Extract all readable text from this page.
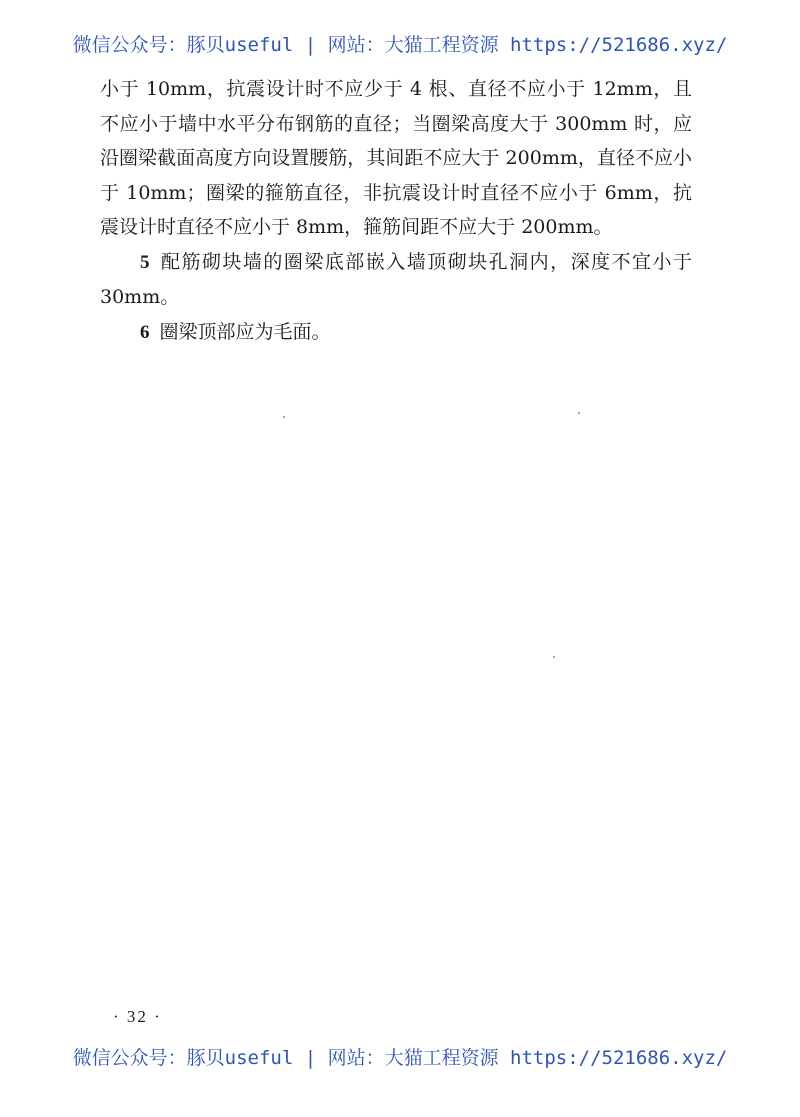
微信公众号：豚贝useful | 网站：大猫工程资源 https://521686.xyz/

小于 10mm，抗震设计时不应少于 4 根、直径不应小于 12mm，且不应小于墙中水平分布钢筋的直径；当圈梁高度大于 300mm 时，应沿圈梁截面高度方向设置腰筋，其间距不应大于 200mm，直径不应小于 10mm；圈梁的箍筋直径，非抗震设计时直径不应小于 6mm，抗震设计时直径不应小于 8mm，箍筋间距不应大于 200mm。

5 配筋砌块墙的圈梁底部嵌入墙顶砌块孔洞内，深度不宜小于 30mm。

6 圈梁顶部应为毛面。

· 32 ·
微信公众号：豚贝useful | 网站：大猫工程资源 https://521686.xyz/
